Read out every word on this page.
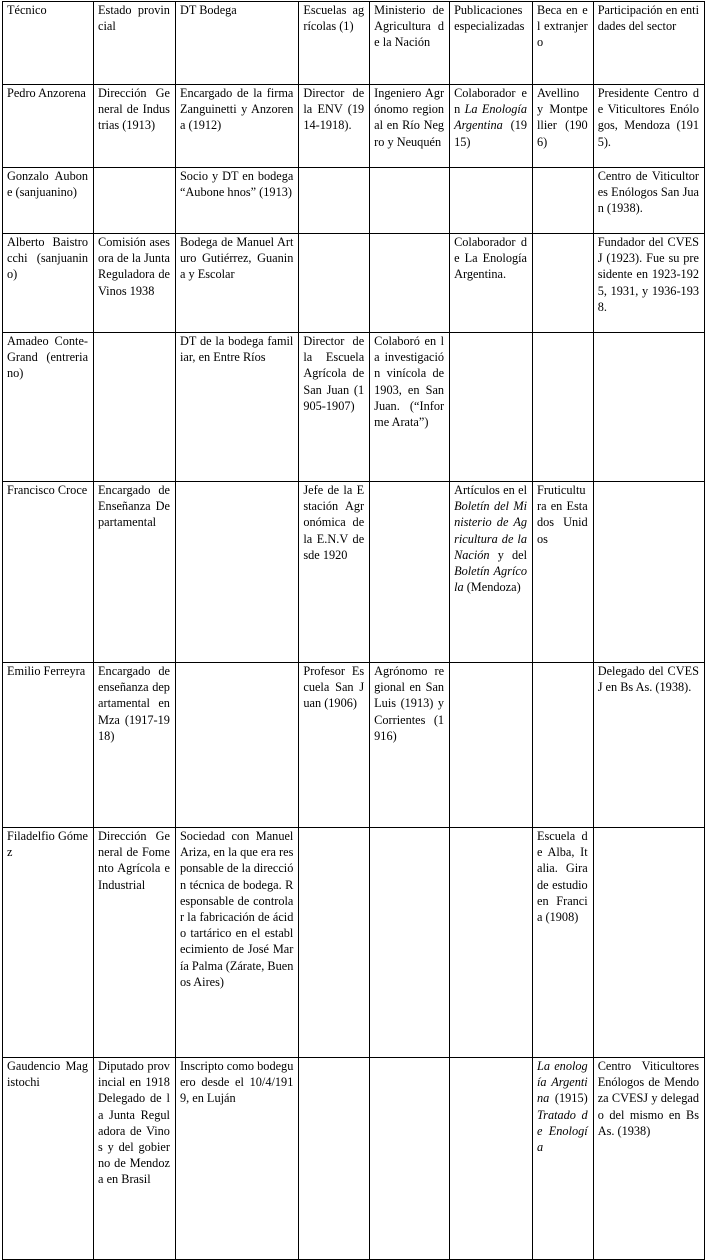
Técnico	Estado provincial	DT Bodega	Escuelas agrícolas (1)	Ministerio de Agricultura de la Nación	Publicaciones especializadas	Beca en el extranjero	Participación en entidades del sector
Pedro Anzorena	Dirección General de Industrias (1913)	Encargado de la firma Zanguinetti y Anzorena (1912)	Director de la ENV (1914-1918).	Ingeniero Agrónomo regional en Río Negro y Neuquén	Colaborador en La Enología Argentina (1915)	Avellino y Montpellier (1906)	Presidente Centro de Viticultores Enólogos, Mendoza (1915).
Gonzalo Aubone (sanjuanino)		Socio y DT en bodega “Aubone hnos” (1913)					Centro de Viticultores Enólogos San Juan (1938).
Alberto Baistrocchi (sanjuanino)	Comisión asesora de la Junta Reguladora de Vinos 1938	Bodega de Manuel Arturo Gutiérrez, Guanina y Escolar			Colaborador de La Enología Argentina.		Fundador del CVESJ (1923). Fue su presidente en 1923-1925, 1931, y 1936-1938.
Amadeo Conte-Grand (entreriano)		DT de la bodega familiar, en Entre Ríos	Director de la Escuela Agrícola de San Juan (1905-1907)	Colaboró en la investigación vinícola de 1903, en San Juan. (“Informe Arata”)			
Francisco Croce	Encargado de Enseñanza Departamental		Jefe de la Estación Agronómica de la E.N.V desde 1920		Artículos en el Boletín del Ministerio de Agricultura de la Nación y del Boletín Agrícola (Mendoza)	Fruticultura en Estados Unidos	
Emilio Ferreyra	Encargado de enseñanza departamental en Mza (1917-1918)		Profesor Escuela San Juan (1906)	Agrónomo regional en San Luis (1913) y Corrientes (1916)			Delegado del CVESJ en Bs As. (1938).
Filadelfio Gómez	Dirección General de Fomento Agrícola e Industrial	Sociedad con Manuel Ariza, en la que era responsable de la dirección técnica de bodega. Responsable de controlar la fabricación de ácido tartárico en el establecimiento de José María Palma (Zárate, Buenos Aires)				Escuela de Alba, Italia. Gira de estudio en Francia (1908)	
Gaudencio Magistochi	Diputado provincial en 1918 Delegado de la Junta Reguladora de Vinos y del gobierno de Mendoza en Brasil	Inscripto como bodeguero desde el 10/4/1919, en Luján				La enología Argentina (1915) Tratado de Enología	Centro Viticultores Enólogos de Mendoza CVESJ y delegado del mismo en Bs As. (1938)
